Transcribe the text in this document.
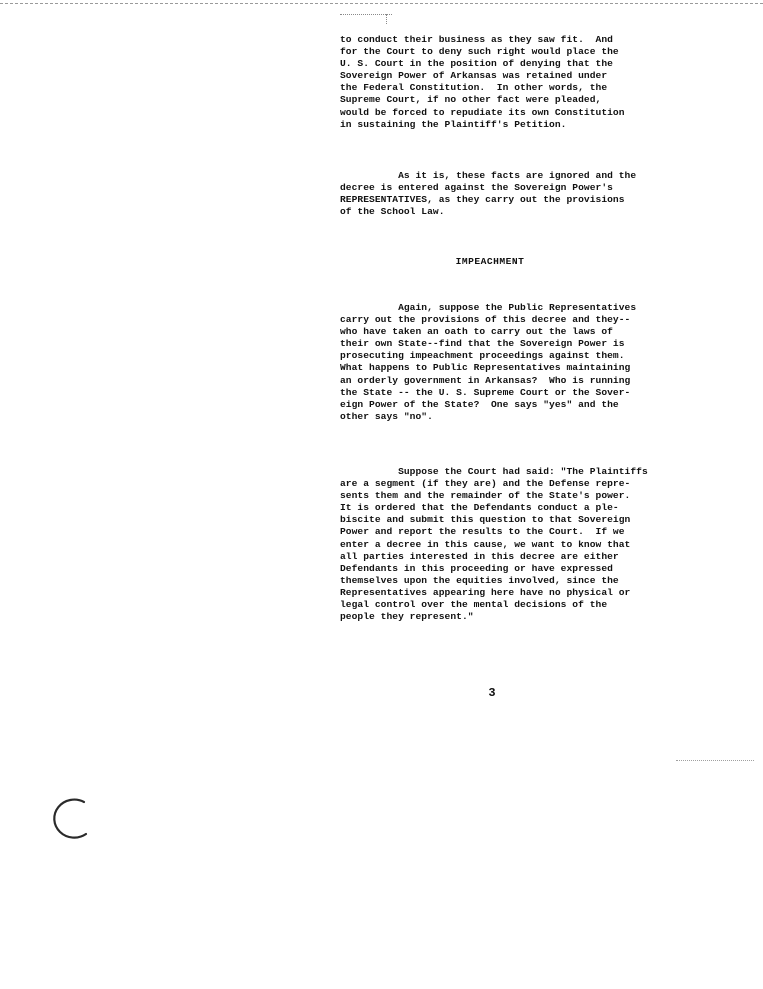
to conduct their business as they saw fit.  And
for the Court to deny such right would place the
U. S. Court in the position of denying that the
Sovereign Power of Arkansas was retained under
the Federal Constitution.  In other words, the
Supreme Court, if no other fact were pleaded,
would be forced to repudiate its own Constitution
in sustaining the Plaintiff's Petition.
As it is, these facts are ignored and the
decree is entered against the Sovereign Power's
REPRESENTATIVES, as they carry out the provisions
of the School Law.
IMPEACHMENT
Again, suppose the Public Representatives
carry out the provisions of this decree and they--
who have taken an oath to carry out the laws of
their own State--find that the Sovereign Power is
prosecuting impeachment proceedings against them.
What happens to Public Representatives maintaining
an orderly government in Arkansas?  Who is running
the State -- the U. S. Supreme Court or the Sover-
eign Power of the State?  One says "yes" and the
other says "no".
Suppose the Court had said: "The Plaintiffs
are a segment (if they are) and the Defense repre-
sents them and the remainder of the State's power.
It is ordered that the Defendants conduct a ple-
biscite and submit this question to that Sovereign
Power and report the results to the Court.  If we
enter a decree in this cause, we want to know that
all parties interested in this decree are either
Defendants in this proceeding or have expressed
themselves upon the equities involved, since the
Representatives appearing here have no physical or
legal control over the mental decisions of the
people they represent."
3
